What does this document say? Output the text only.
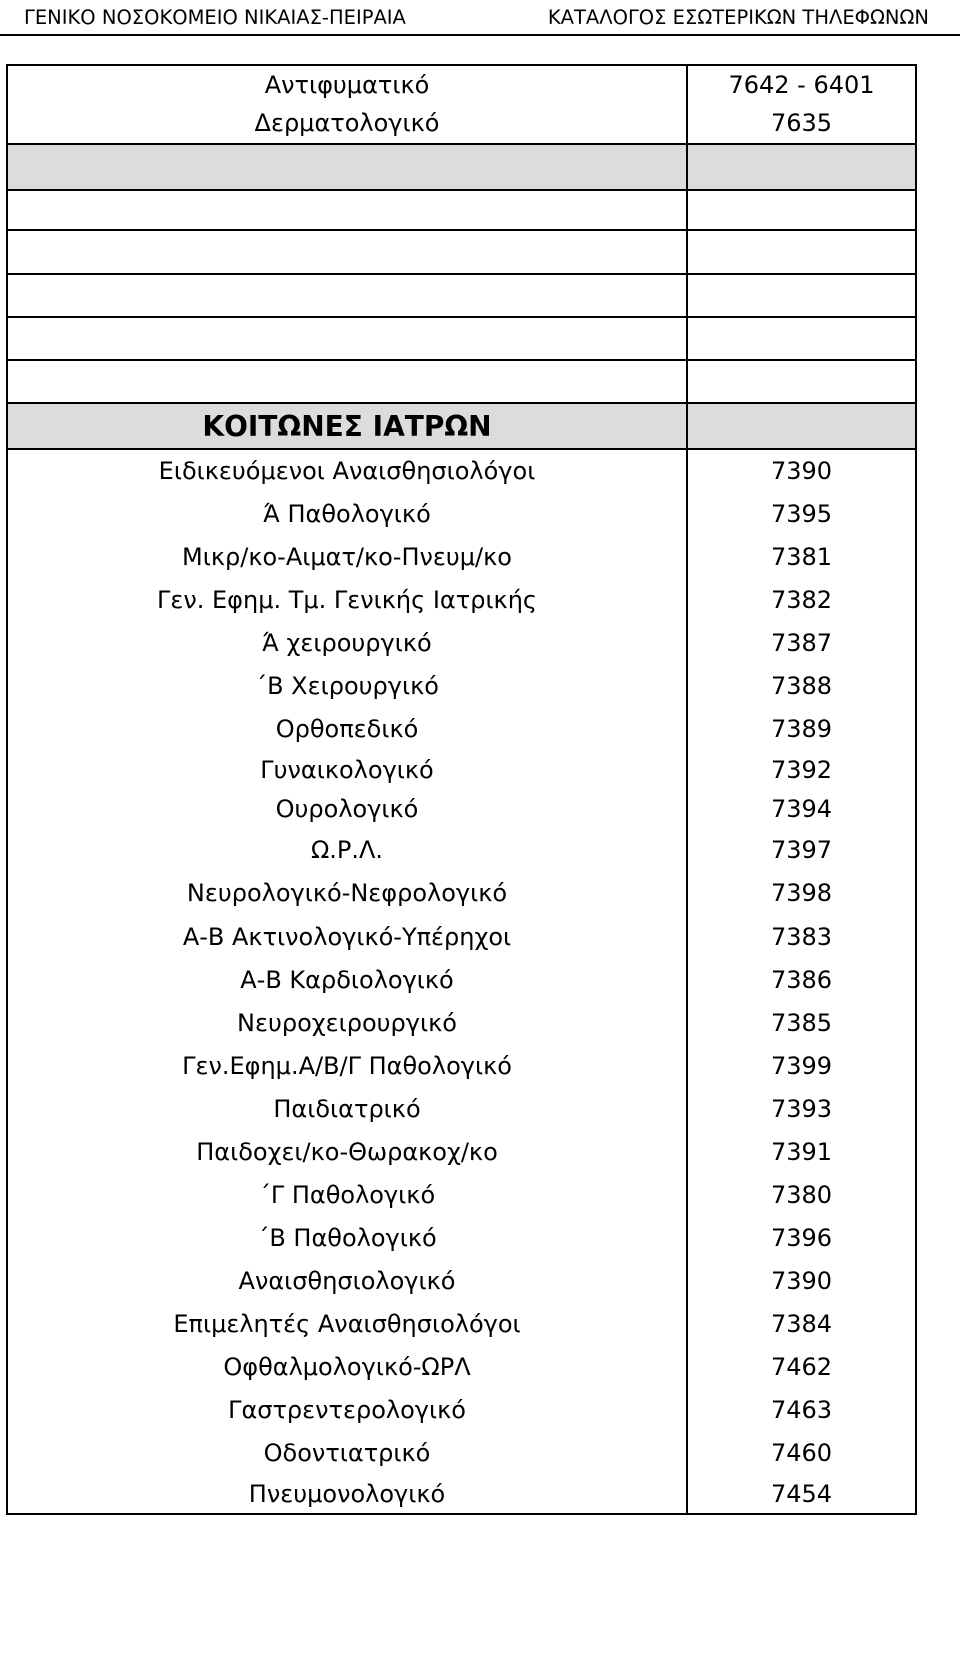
ΓΕΝΙΚΟ ΝΟΣΟΚΟΜΕΙΟ ΝΙΚΑΙΑΣ-ΠΕΙΡΑΙΑ	ΚΑΤΑΛΟΓΟΣ ΕΣΩΤΕΡΙΚΩΝ ΤΗΛΕΦΩΝΩΝ
Αντιφυματικό	7642 - 6401
Δερματολογικό	7635

ΚΟΙΤΩΝΕΣ ΙΑΤΡΩΝ	
Ειδικευόμενοι Αναισθησιολόγοι	7390
Ά Παθολογικό	7395
Μικρ/κο-Αιματ/κο-Πνευμ/κο	7381
Γεν. Εφημ. Τμ. Γενικής Ιατρικής	7382
Ά χειρουργικό	7387
΄Β Χειρουργικό	7388
Ορθοπεδικό	7389
Γυναικολογικό	7392
Ουρολογικό	7394
Ω.Ρ.Λ.	7397
Νευρολογικό-Νεφρολογικό	7398
Α-Β Ακτινολογικό-Υπέρηχοι	7383
Α-Β Καρδιολογικό	7386
Νευροχειρουργικό	7385
Γεν.Εφημ.Α/Β/Γ Παθολογικό	7399
Παιδιατρικό	7393
Παιδοχει/κο-Θωρακοχ/κο	7391
΄Γ Παθολογικό	7380
΄Β Παθολογικό	7396
Αναισθησιολογικό	7390
Επιμελητές Αναισθησιολόγοι	7384
Οφθαλμολογικό-ΩΡΛ	7462
Γαστρεντερολογικό	7463
Οδοντιατρικό	7460
Πνευμονολογικό	7454
